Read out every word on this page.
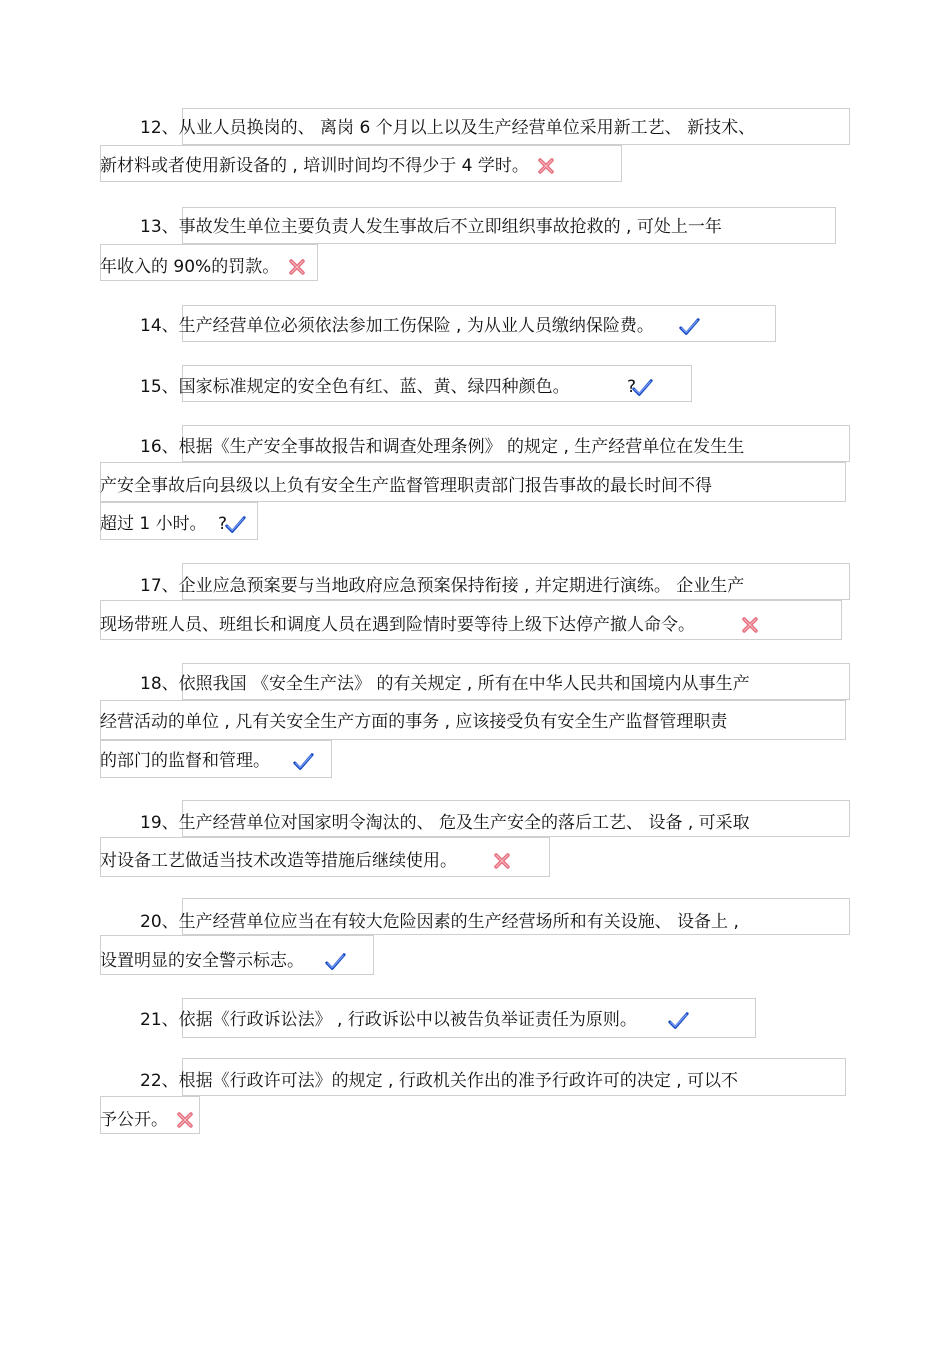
12、从业人员换岗的、 离岗 6 个月以上以及生产经营单位采用新工艺、 新技术、
新材料或者使用新设备的 , 培训时间均不得少于 4 学时。
13、事故发生单位主要负责人发生事故后不立即组织事故抢救的 , 可处上一年
年收入的 90%的罚款。
14、生产经营单位必须依法参加工伤保险 , 为从业人员缴纳保险费。
15、国家标准规定的安全色有红、蓝、黄、绿四种颜色。	?
16、根据《生产安全事故报告和调查处理条例》 的规定 , 生产经营单位在发生生
产安全事故后向县级以上负有安全生产监督管理职责部门报告事故的最长时间不得
超过 1 小时。 ?
17、企业应急预案要与当地政府应急预案保持衔接 , 并定期进行演练。 企业生产
现场带班人员、班组长和调度人员在遇到险情时要等待上级下达停产撤人命令。
18、依照我国 《安全生产法》 的有关规定 , 所有在中华人民共和国境内从事生产
经营活动的单位 , 凡有关安全生产方面的事务 , 应该接受负有安全生产监督管理职责
的部门的监督和管理。
19、生产经营单位对国家明令淘汰的、 危及生产安全的落后工艺、 设备 , 可采取
对设备工艺做适当技术改造等措施后继续使用。
20、生产经营单位应当在有较大危险因素的生产经营场所和有关设施、 设备上 ,
设置明显的安全警示标志。
21、依据《行政诉讼法》 , 行政诉讼中以被告负举证责任为原则。
22、根据《行政许可法》的规定 , 行政机关作出的准予行政许可的决定 , 可以不
予公开。
